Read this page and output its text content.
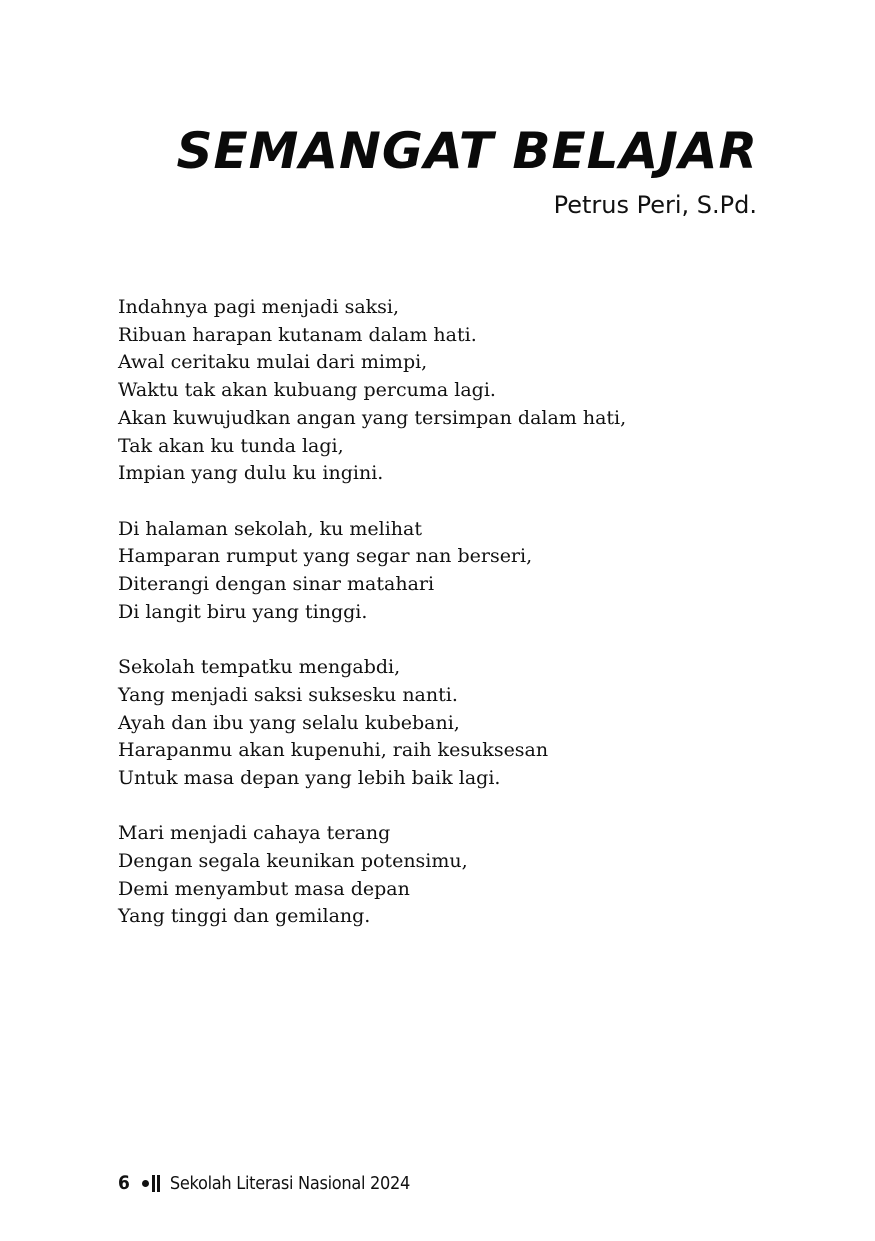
SEMANGAT BELAJAR
Petrus Peri, S.Pd.
Indahnya pagi menjadi saksi,
Ribuan harapan kutanam dalam hati.
Awal ceritaku mulai dari mimpi,
Waktu tak akan kubuang percuma lagi.
Akan kuwujudkan angan yang tersimpan dalam hati,
Tak akan ku tunda lagi,
Impian yang dulu ku ingini.
Di halaman sekolah, ku melihat
Hamparan rumput yang segar nan berseri,
Diterangi dengan sinar matahari
Di langit biru yang tinggi.
Sekolah tempatku mengabdi,
Yang menjadi saksi suksesku nanti.
Ayah dan ibu yang selalu kubebani,
Harapanmu akan kupenuhi, raih kesuksesan
Untuk masa depan yang lebih baik lagi.
Mari menjadi cahaya terang
Dengan segala keunikan potensimu,
Demi menyambut masa depan
Yang tinggi dan gemilang.
6 Sekolah Literasi Nasional 2024
